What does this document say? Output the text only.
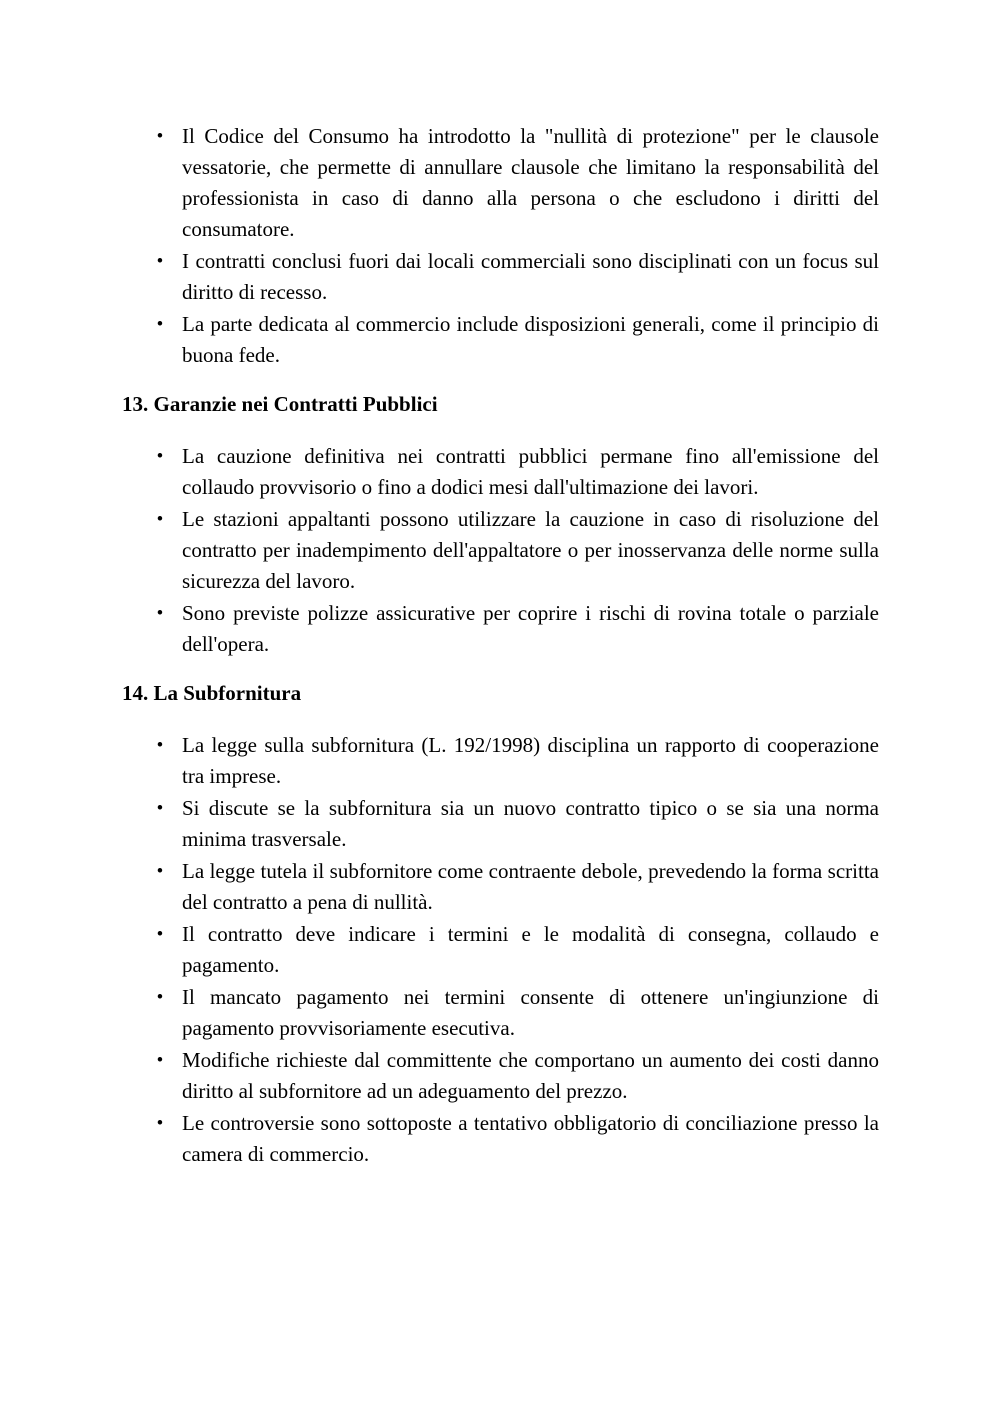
• Il Codice del Consumo ha introdotto la "nullità di protezione" per le clausole vessatorie, che permette di annullare clausole che limitano la responsabilità del professionista in caso di danno alla persona o che escludono i diritti del consumatore.
• I contratti conclusi fuori dai locali commerciali sono disciplinati con un focus sul diritto di recesso.
• La parte dedicata al commercio include disposizioni generali, come il principio di buona fede.
13. Garanzie nei Contratti Pubblici
• La cauzione definitiva nei contratti pubblici permane fino all'emissione del collaudo provvisorio o fino a dodici mesi dall'ultimazione dei lavori.
• Le stazioni appaltanti possono utilizzare la cauzione in caso di risoluzione del contratto per inadempimento dell'appaltatore o per inosservanza delle norme sulla sicurezza del lavoro.
• Sono previste polizze assicurative per coprire i rischi di rovina totale o parziale dell'opera.
14. La Subfornitura
• La legge sulla subfornitura (L. 192/1998) disciplina un rapporto di cooperazione tra imprese.
• Si discute se la subfornitura sia un nuovo contratto tipico o se sia una norma minima trasversale.
• La legge tutela il subfornitore come contraente debole, prevedendo la forma scritta del contratto a pena di nullità.
• Il contratto deve indicare i termini e le modalità di consegna, collaudo e pagamento.
• Il mancato pagamento nei termini consente di ottenere un'ingiunzione di pagamento provvisoriamente esecutiva.
• Modifiche richieste dal committente che comportano un aumento dei costi danno diritto al subfornitore ad un adeguamento del prezzo.
• Le controversie sono sottoposte a tentativo obbligatorio di conciliazione presso la camera di commercio.
